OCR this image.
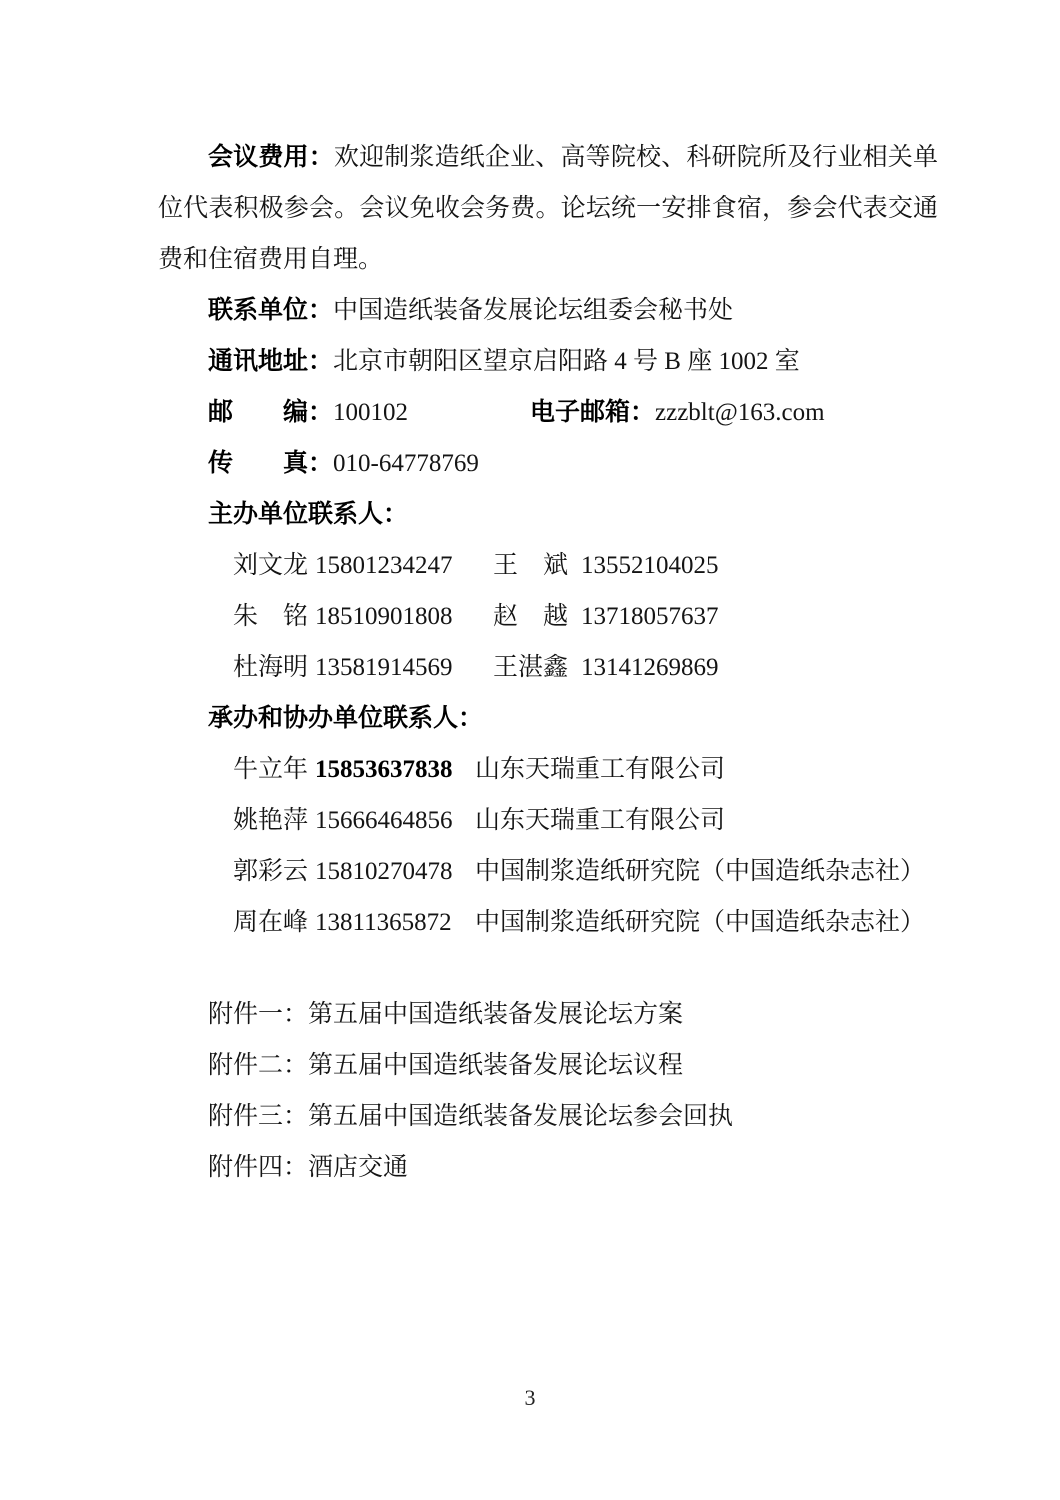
会议费用：欢迎制浆造纸企业、高等院校、科研院所及行业相关单
位代表积极参会。会议免收会务费。论坛统一安排食宿，参会代表交通
费和住宿费用自理。
联系单位：中国造纸装备发展论坛组委会秘书处
通讯地址：北京市朝阳区望京启阳路 4 号 B 座 1002 室
邮　　编：100102	电子邮箱：zzzblt@163.com
传　　真：010-64778769
主办单位联系人：
刘文龙 15801234247	王　斌 13552104025
朱　铭 18510901808	赵　越 13718057637
杜海明 13581914569	王湛鑫 13141269869
承办和协办单位联系人：
牛立年 15853637838 山东天瑞重工有限公司
姚艳萍 15666464856 山东天瑞重工有限公司
郭彩云 15810270478 中国制浆造纸研究院（中国造纸杂志社）
周在峰 13811365872 中国制浆造纸研究院（中国造纸杂志社）
附件一：第五届中国造纸装备发展论坛方案
附件二：第五届中国造纸装备发展论坛议程
附件三：第五届中国造纸装备发展论坛参会回执
附件四：酒店交通
3
